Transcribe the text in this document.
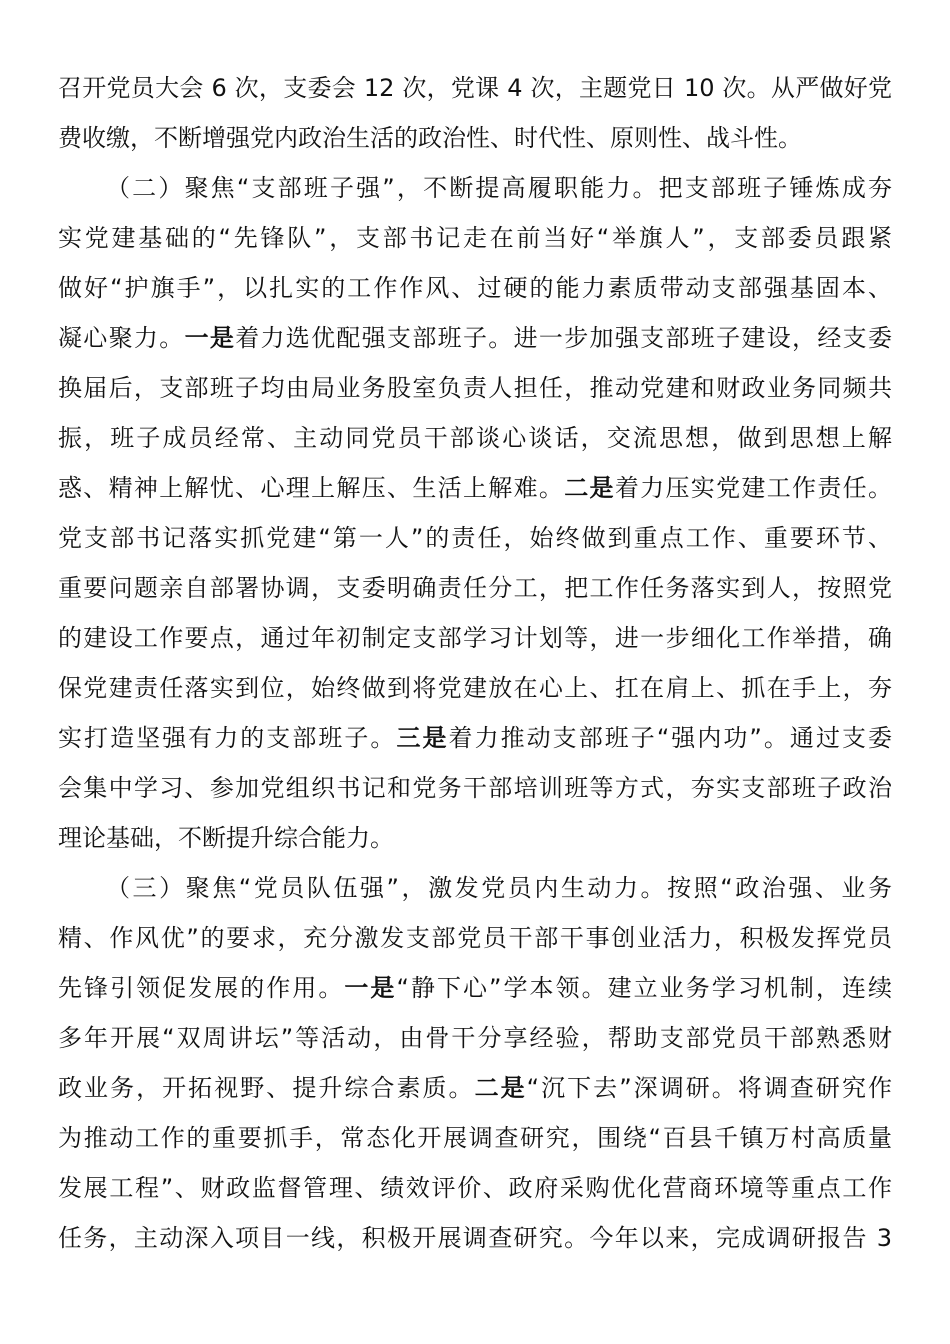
召开党员大会 6 次，支委会 12 次，党课 4 次，主题党日 10 次。从严做好党
费收缴，不断增强党内政治生活的政治性、时代性、原则性、战斗性。
（二）聚焦“支部班子强”，不断提高履职能力。把支部班子锤炼成夯
实党建基础的“先锋队”，支部书记走在前当好“举旗人”，支部委员跟紧
做好“护旗手”，以扎实的工作作风、过硬的能力素质带动支部强基固本、
凝心聚力。一是着力选优配强支部班子。进一步加强支部班子建设，经支委
换届后，支部班子均由局业务股室负责人担任，推动党建和财政业务同频共
振，班子成员经常、主动同党员干部谈心谈话，交流思想，做到思想上解
惑、精神上解忧、心理上解压、生活上解难。二是着力压实党建工作责任。
党支部书记落实抓党建“第一人”的责任，始终做到重点工作、重要环节、
重要问题亲自部署协调，支委明确责任分工，把工作任务落实到人，按照党
的建设工作要点，通过年初制定支部学习计划等，进一步细化工作举措，确
保党建责任落实到位，始终做到将党建放在心上、扛在肩上、抓在手上，夯
实打造坚强有力的支部班子。三是着力推动支部班子“强内功”。通过支委
会集中学习、参加党组织书记和党务干部培训班等方式，夯实支部班子政治
理论基础，不断提升综合能力。
（三）聚焦“党员队伍强”，激发党员内生动力。按照“政治强、业务
精、作风优”的要求，充分激发支部党员干部干事创业活力，积极发挥党员
先锋引领促发展的作用。一是“静下心”学本领。建立业务学习机制，连续
多年开展“双周讲坛”等活动，由骨干分享经验，帮助支部党员干部熟悉财
政业务，开拓视野、提升综合素质。二是“沉下去”深调研。将调查研究作
为推动工作的重要抓手，常态化开展调查研究，围绕“百县千镇万村高质量
发展工程”、财政监督管理、绩效评价、政府采购优化营商环境等重点工作
任务，主动深入项目一线，积极开展调查研究。今年以来，完成调研报告 3
